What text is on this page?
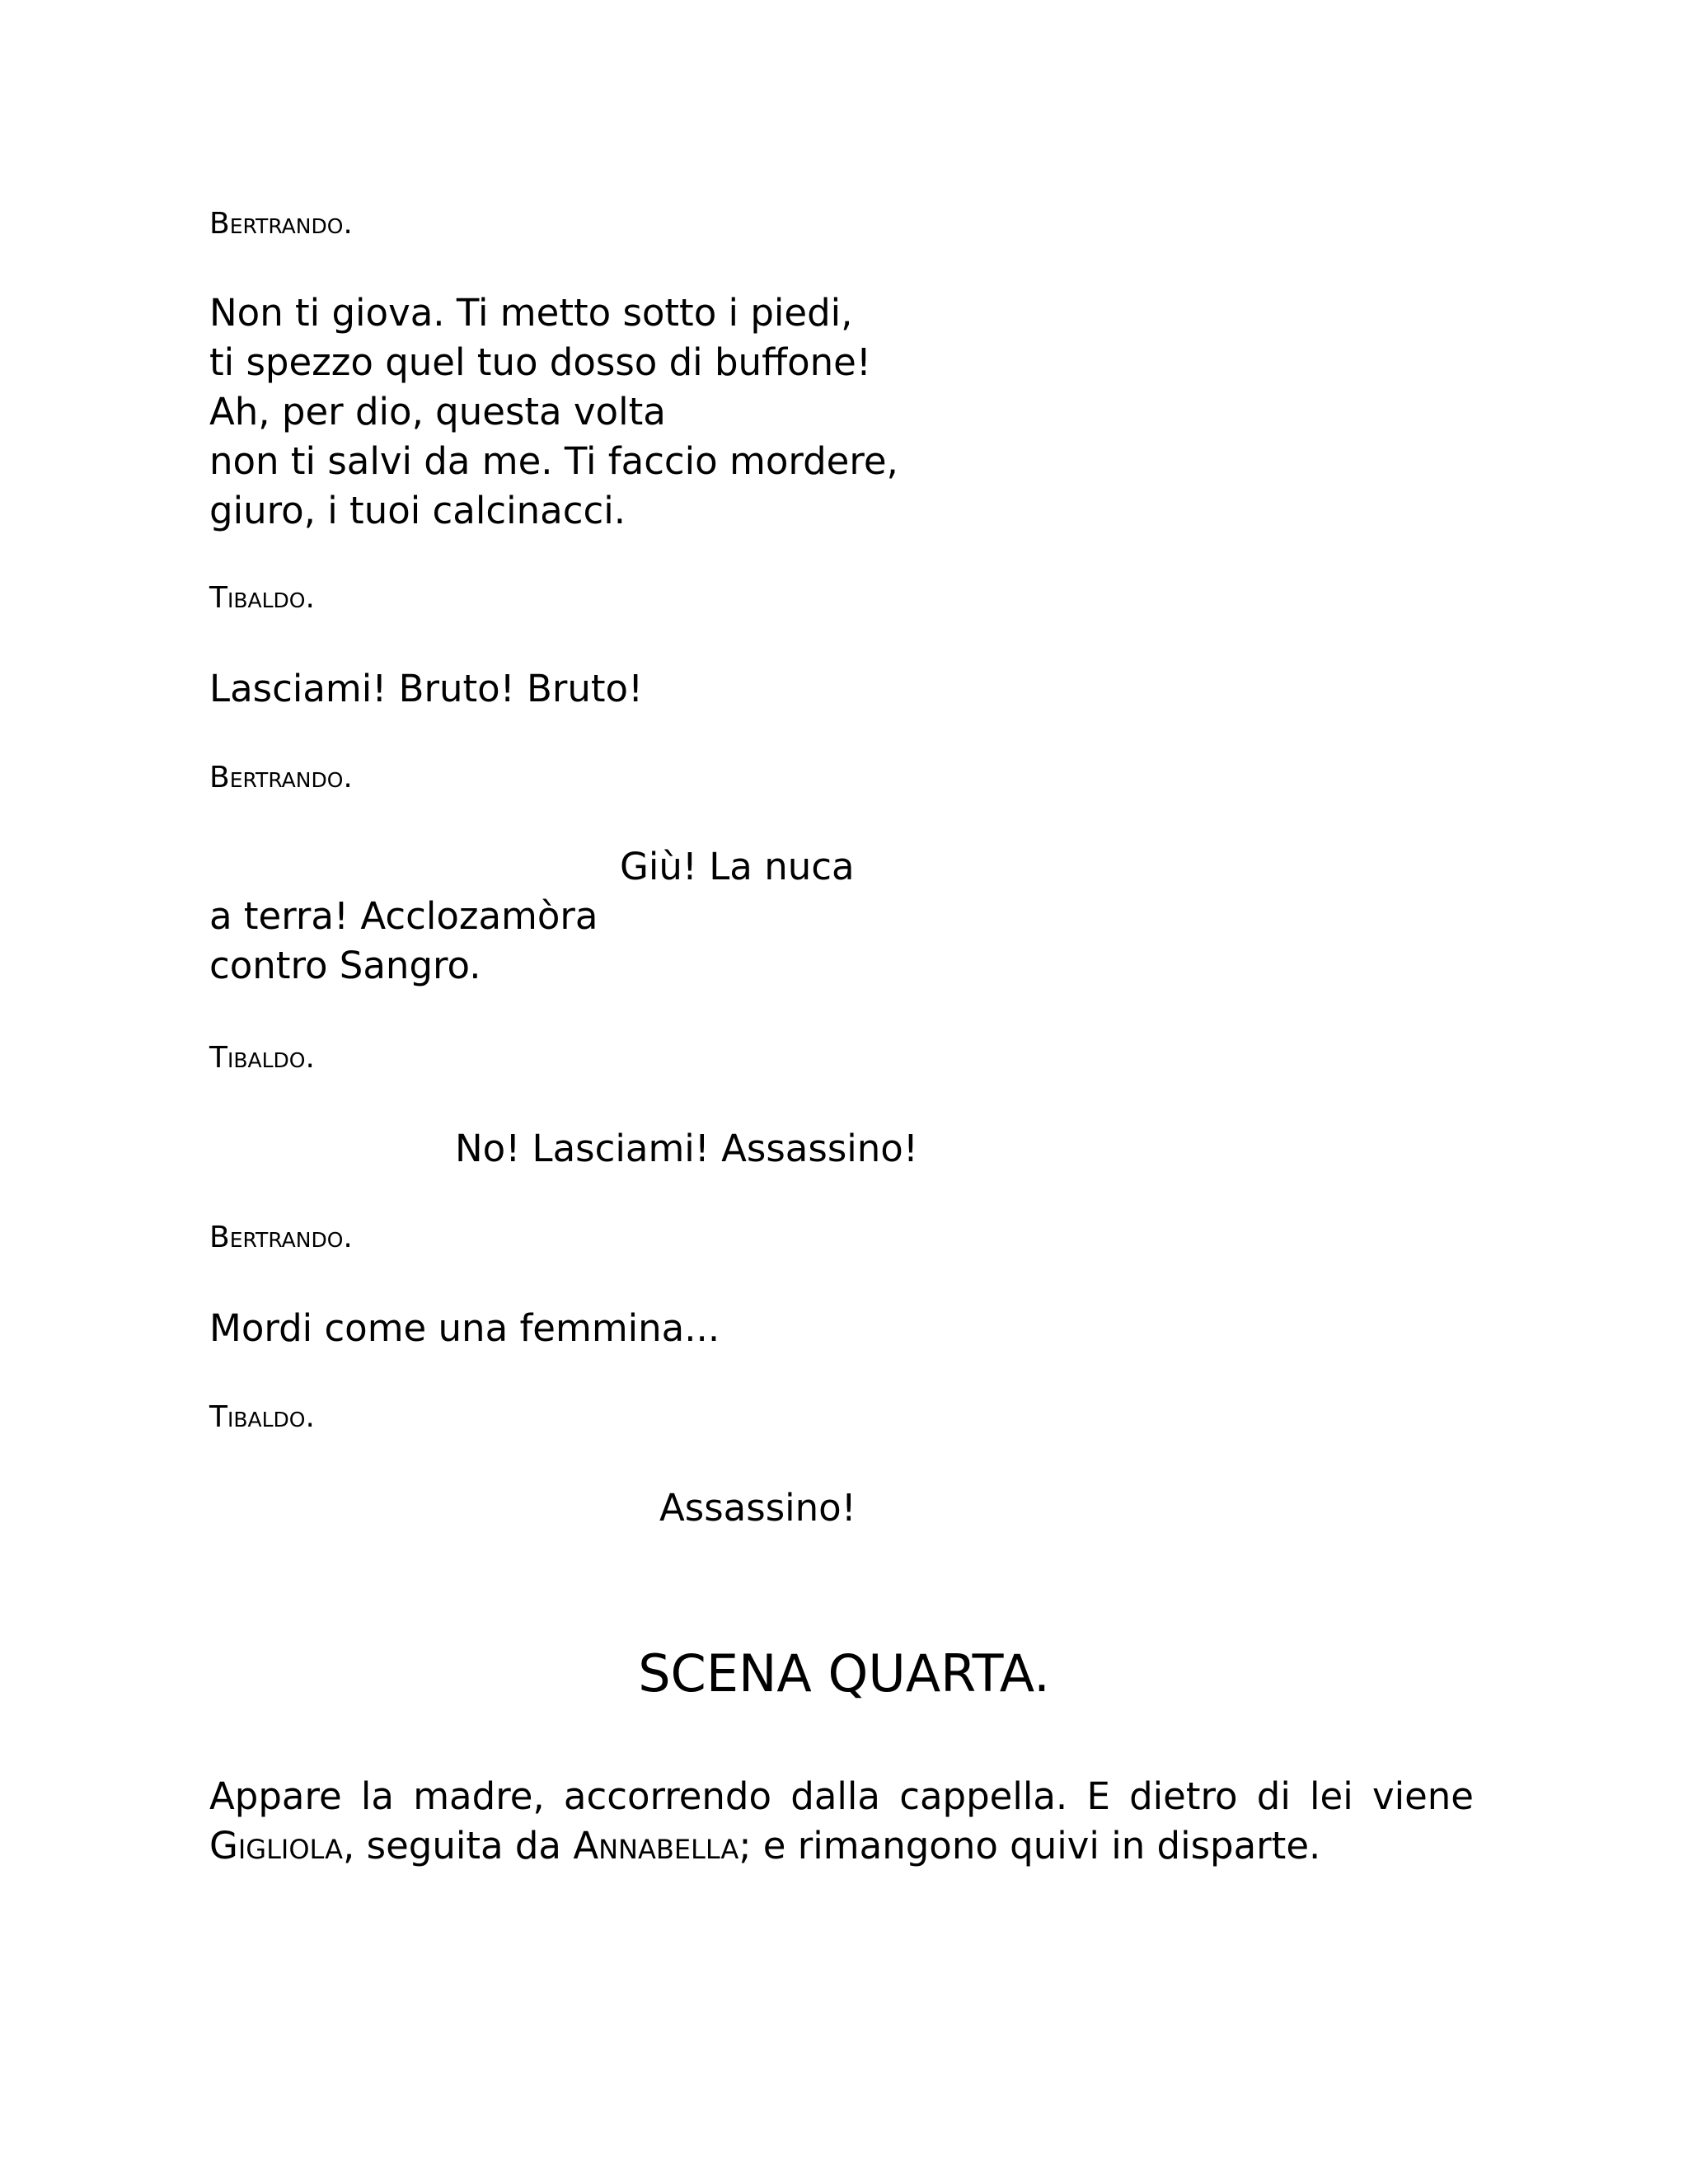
Bertrando.

Non ti giova. Ti metto sotto i piedi,

ti spezzo quel tuo dosso di buffone!

Ah, per dio, questa volta

non ti salvi da me. Ti faccio mordere,

giuro, i tuoi calcinacci.

Tibaldo.

Lasciami! Bruto! Bruto!

Bertrando.

Giù! La nuca

a terra! Acclozamòra

contro Sangro.

Tibaldo.

No! Lasciami! Assassino!

Bertrando.

Mordi come una femmina...

Tibaldo.

Assassino!

SCENA QUARTA.
Appare la madre, accorrendo dalla cappella. E dietro di lei viene
Gigliola, seguita da Annabella; e rimangono quivi in disparte.
